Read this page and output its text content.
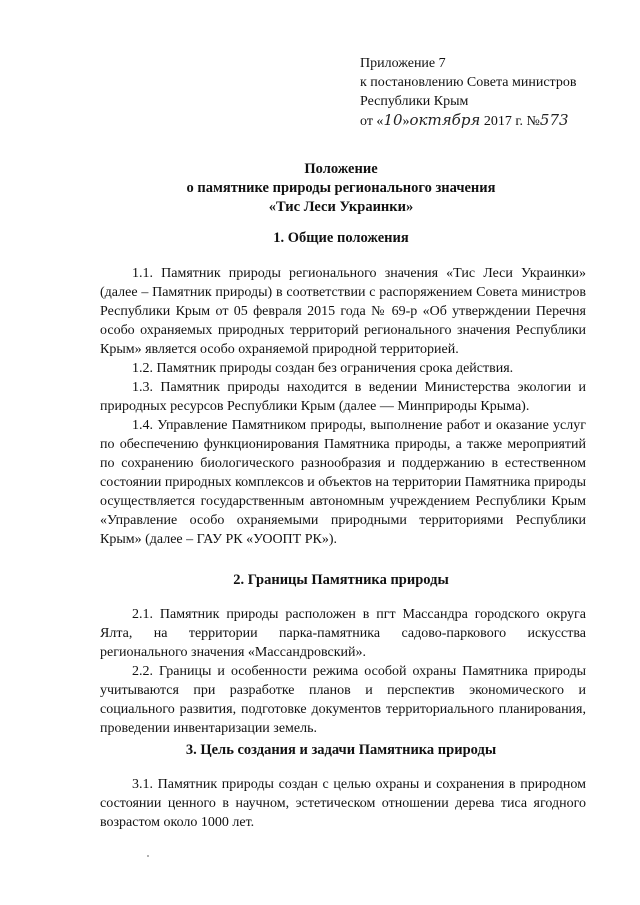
Приложение 7
к постановлению Совета министров
Республики Крым
от «10»октября 2017 г. №573
Положение
о памятнике природы регионального значения
«Тис Леси Украинки»
1. Общие положения

1.1. Памятник природы регионального значения «Тис Леси Украинки» (далее – Памятник природы) в соответствии с распоряжением Совета министров Республики Крым от 05 февраля 2015 года № 69-р «Об утверждении Перечня особо охраняемых природных территорий регионального значения Республики Крым» является особо охраняемой природной территорией.

1.2. Памятник природы создан без ограничения срока действия.

1.3. Памятник природы находится в ведении Министерства экологии и природных ресурсов Республики Крым (далее — Минприроды Крыма).

1.4. Управление Памятником природы, выполнение работ и оказание услуг по обеспечению функционирования Памятника природы, а также мероприятий по сохранению биологического разнообразия и поддержанию в естественном состоянии природных комплексов и объектов на территории Памятника природы осуществляется государственным автономным учреждением Республики Крым «Управление особо охраняемыми природными территориями Республики Крым» (далее – ГАУ РК «УООПТ РК»).

2. Границы Памятника природы

2.1. Памятник природы расположен в пгт Массандра городского округа Ялта, на территории парка-памятника садово-паркового искусства регионального значения «Массандровский».

2.2. Границы и особенности режима особой охраны Памятника природы учитываются при разработке планов и перспектив экономического и социального развития, подготовке документов территориального планирования, проведении инвентаризации земель.

3. Цель создания и задачи Памятника природы

3.1. Памятник природы создан с целью охраны и сохранения в природном состоянии ценного в научном, эстетическом отношении дерева тиса ягодного возрастом около 1000 лет.
